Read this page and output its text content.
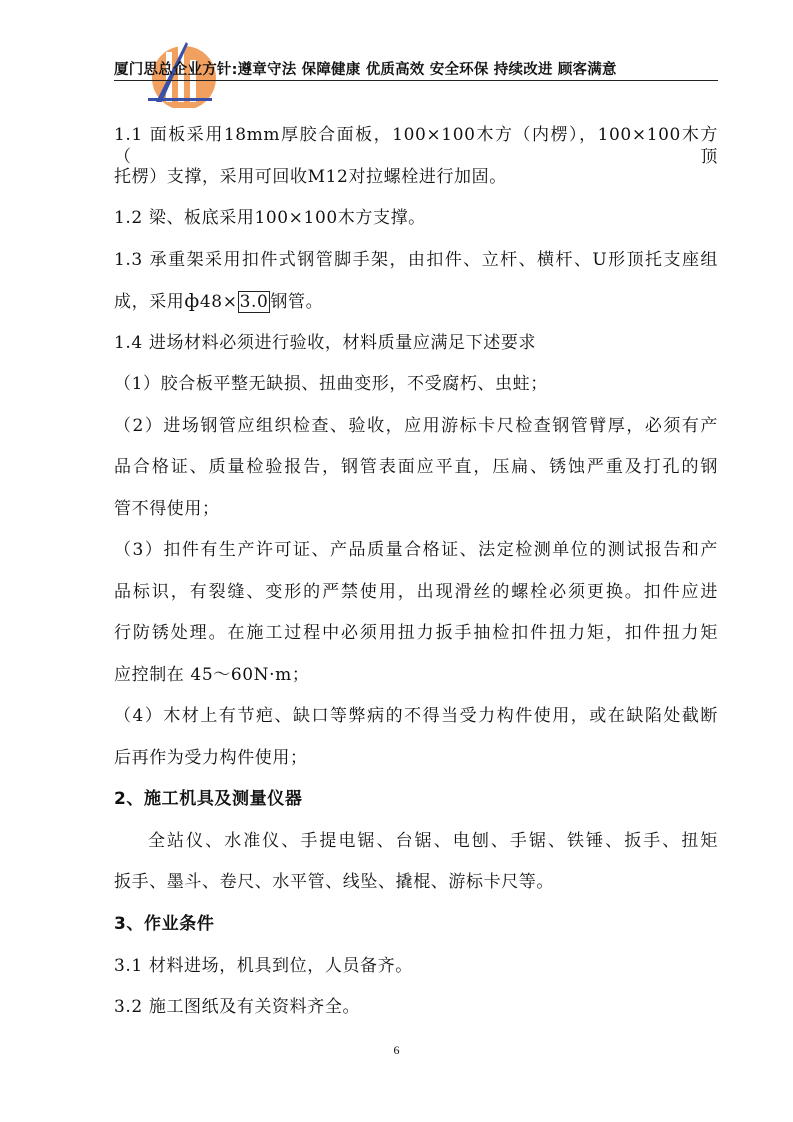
厦门思总企业方针:遵章守法 保障健康 优质高效 安全环保 持续改进 顾客满意
1.1 面板采用18mm厚胶合面板，100×100木方（内楞），100×100木方（顶
托楞）支撑，采用可回收M12对拉螺栓进行加固。
1.2 梁、板底采用100×100木方支撑。
1.3 承重架采用扣件式钢管脚手架，由扣件、立杆、横杆、U形顶托支座组
成，采用ф48× 3.0 钢管。
1.4 进场材料必须进行验收，材料质量应满足下述要求
（1）胶合板平整无缺损、扭曲变形，不受腐朽、虫蛀；
（2）进场钢管应组织检查、验收，应用游标卡尺检查钢管臂厚，必须有产
品合格证、质量检验报告，钢管表面应平直，压扁、锈蚀严重及打孔的钢
管不得使用；
（3）扣件有生产许可证、产品质量合格证、法定检测单位的测试报告和产
品标识，有裂缝、变形的严禁使用，出现滑丝的螺栓必须更换。扣件应进
行防锈处理。在施工过程中必须用扭力扳手抽检扣件扭力矩，扣件扭力矩
应控制在 45～60N·m；
（4）木材上有节疤、缺口等弊病的不得当受力构件使用，或在缺陷处截断
后再作为受力构件使用；
2、施工机具及测量仪器
全站仪、水准仪、手提电锯、台锯、电刨、手锯、铁锤、扳手、扭矩
扳手、墨斗、卷尺、水平管、线坠、撬棍、游标卡尺等。
3、作业条件
3.1 材料进场，机具到位，人员备齐。
3.2 施工图纸及有关资料齐全。
6
